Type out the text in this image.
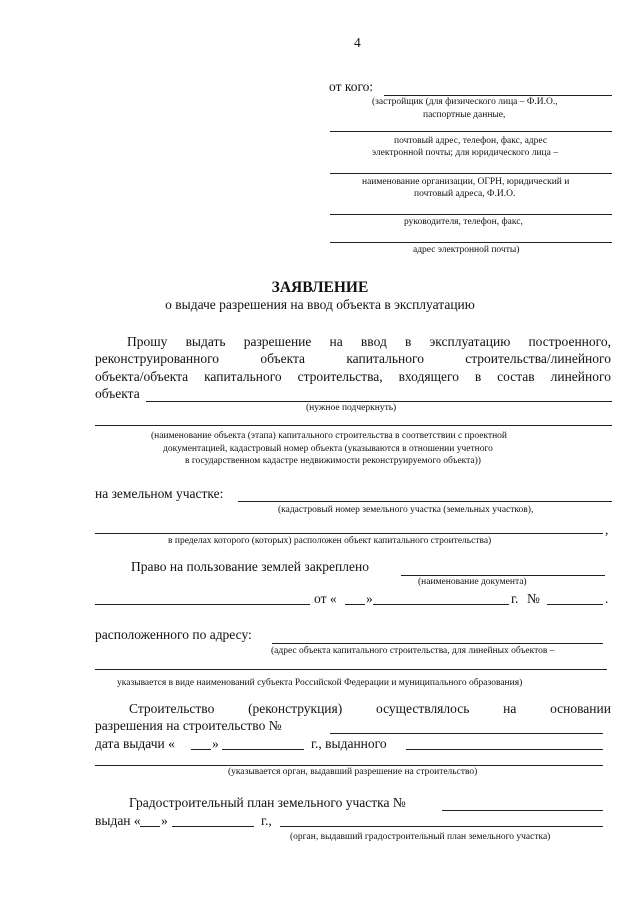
4
от кого:
(застройщик (для физического лица – Ф.И.О.,
паспортные данные,
почтовый адрес, телефон, факс, адрес
электронной почты; для юридического лица –
наименование организации, ОГРН, юридический и
почтовый адреса, Ф.И.О.
руководителя, телефон, факс,
адрес электронной почты)
ЗАЯВЛЕНИЕ
о выдаче разрешения на ввод объекта в эксплуатацию
Прошу выдать разрешение на ввод в эксплуатацию построенного,
реконструированного	объекта	капитального	строительства/линейного
объекта/объекта капитального строительства, входящего в состав линейного
объекта
(нужное подчеркнуть)
(наименование объекта (этапа) капитального строительства в соответствии с проектной
документацией, кадастровый номер объекта (указываются в отношении учетного
в государственном кадастре недвижимости реконструируемого объекта))
на земельном участке:
(кадастровый номер земельного участка (земельных участков),
,
в пределах которого (которых) расположен объект капитального строительства)
Право на пользование землей закреплено
(наименование документа)
от « »	г. №	.
расположенного по адресу:
(адрес объекта капитального строительства, для линейных объектов –
указывается в виде наименований субъекта Российской Федерации и муниципального образования)
Строительство (реконструкция) осуществлялось на основании
разрешения на строительство №
дата выдачи «	»	г., выданного
(указывается орган, выдавший разрешение на строительство)
Градостроительный план земельного участка №
выдан « »	г.,
(орган, выдавший градостроительный план земельного участка)
